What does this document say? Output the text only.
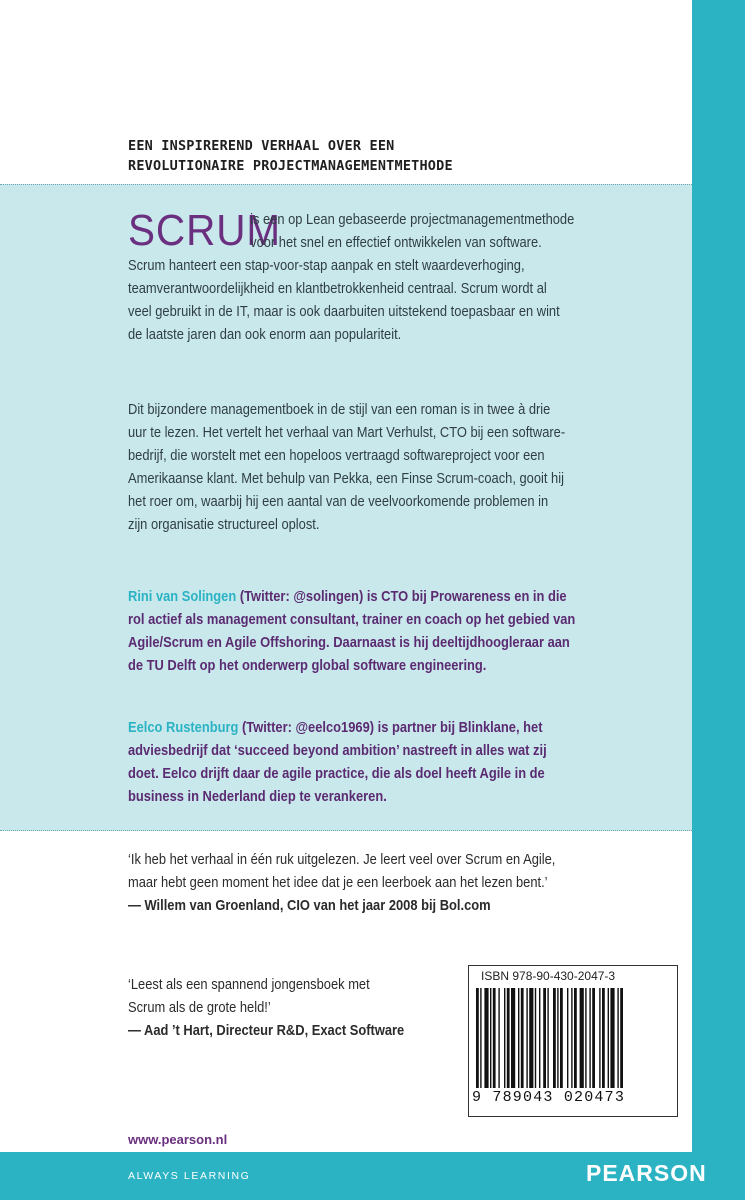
EEN INSPIREREND VERHAAL OVER EEN
REVOLUTIONAIRE PROJECTMANAGEMENTMETHODE
SCRUM
is een op Lean gebaseerde projectmanagementmethode
voor het snel en effectief ontwikkelen van software.
Scrum hanteert een stap-voor-stap aanpak en stelt waardeverhoging,
teamverantwoordelijkheid en klantbetrokkenheid centraal. Scrum wordt al
veel gebruikt in de IT, maar is ook daarbuiten uitstekend toepasbaar en wint
de laatste jaren dan ook enorm aan populariteit.
Dit bijzondere managementboek in de stijl van een roman is in twee à drie
uur te lezen. Het vertelt het verhaal van Mart Verhulst, CTO bij een software-
bedrijf, die worstelt met een hopeloos vertraagd softwareproject voor een
Amerikaanse klant. Met behulp van Pekka, een Finse Scrum-coach, gooit hij
het roer om, waarbij hij een aantal van de veelvoorkomende problemen in
zijn organisatie structureel oplost.
Rini van Solingen (Twitter: @solingen) is CTO bij Prowareness en in die
rol actief als management consultant, trainer en coach op het gebied van
Agile/Scrum en Agile Offshoring. Daarnaast is hij deeltijdhoogleraar aan
de TU Delft op het onderwerp global software engineering.
Eelco Rustenburg (Twitter: @eelco1969) is partner bij Blinklane, het
adviesbedrijf dat ‘succeed beyond ambition’ nastreeft in alles wat zij
doet. Eelco drijft daar de agile practice, die als doel heeft Agile in de
business in Nederland diep te verankeren.
‘Ik heb het verhaal in één ruk uitgelezen. Je leert veel over Scrum en Agile,
maar hebt geen moment het idee dat je een leerboek aan het lezen bent.’
— Willem van Groenland, CIO van het jaar 2008 bij Bol.com
‘Leest als een spannend jongensboek met
Scrum als de grote held!’
— Aad ’t Hart, Directeur R&D, Exact Software
ISBN 978-90-430-2047-3
9 789043 020473
www.pearson.nl
ALWAYS LEARNING	PEARSON
